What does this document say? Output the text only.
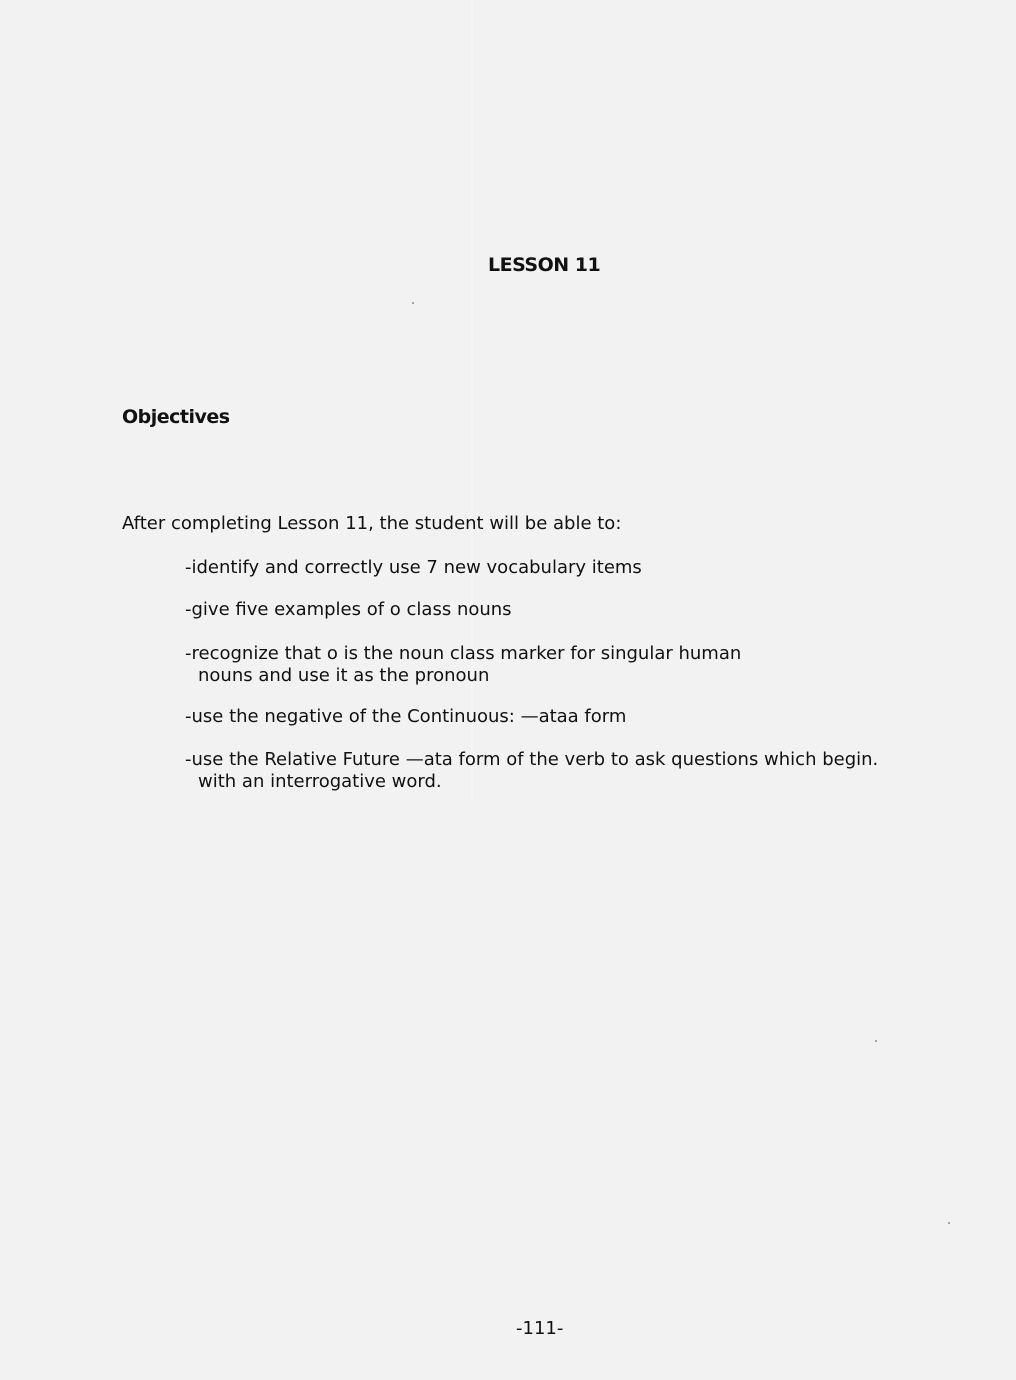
LESSON 11
Objectives
After completing Lesson 11, the student will be able to:
-identify and correctly use 7 new vocabulary items
-give five examples of o class nouns
-recognize that o is the noun class marker for singular human
nouns and use it as the pronoun
-use the negative of the Continuous: —ataa form
-use the Relative Future —ata form of the verb to ask questions which begin.
with an interrogative word.
-111-
